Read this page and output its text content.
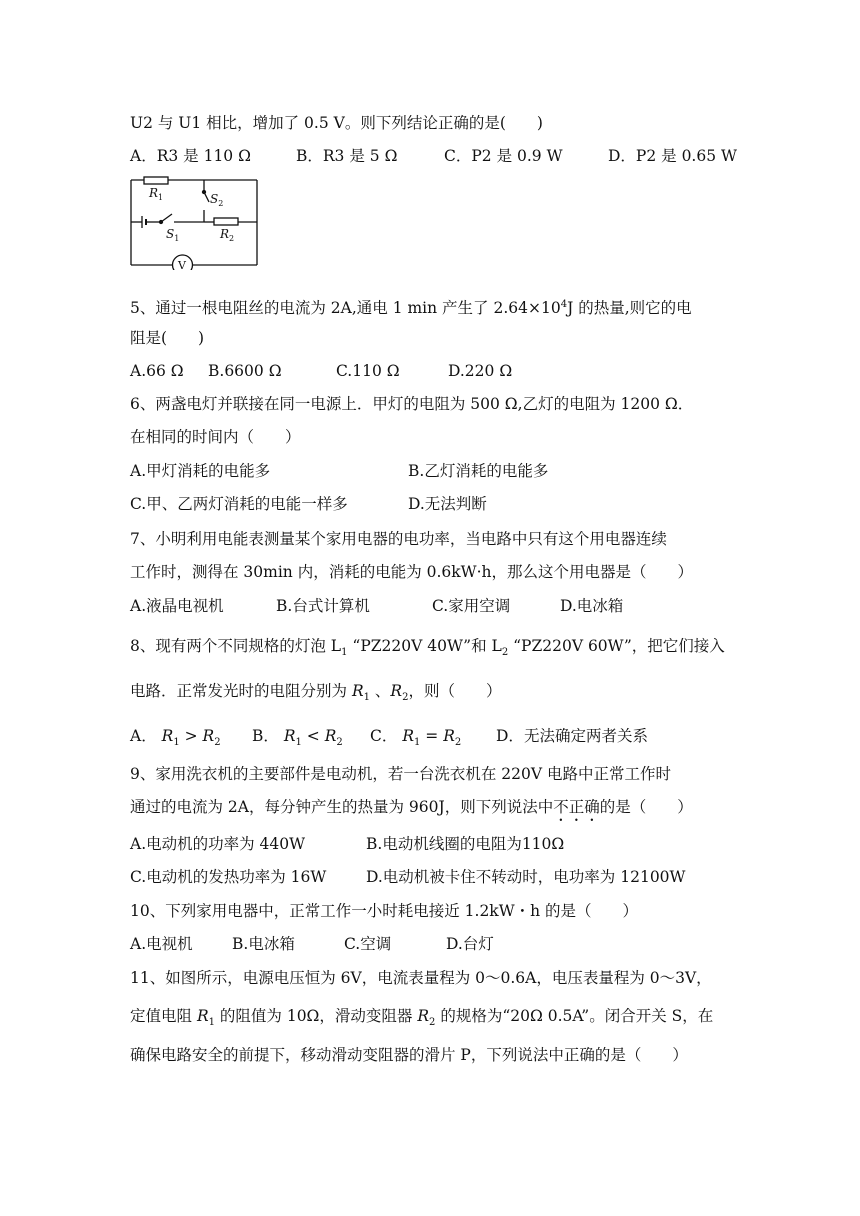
U2 与 U1 相比，增加了 0.5 V。则下列结论正确的是(　　)
A．R3 是 110 Ω	B．R3 是 5 Ω	C．P2 是 0.9 W	D．P2 是 0.65 W
$R_1$	$S_2$
$S_1$	$R_2$
V
5、通过一根电阻丝的电流为 2A,通电 1 min 产生了 $2.64\times 10^4J$ 的热量,则它的电
阻是(　　)
A.66 Ω B.6600 Ω	C.110 Ω	D.220 Ω
6、两盏电灯并联接在同一电源上．甲灯的电阻为 500 Ω,乙灯的电阻为 1200 Ω．
在相同的时间内（　　）
A.甲灯消耗的电能多	B.乙灯消耗的电能多
C.甲、乙两灯消耗的电能一样多	D.无法判断
7、小明利用电能表测量某个家用电器的电功率，当电路中只有这个用电器连续
工作时，测得在 30min 内，消耗的电能为 0.6kW·h，那么这个用电器是（　　）
A.液晶电视机	B.台式计算机	C.家用空调	D.电冰箱
8、现有两个不同规格的灯泡 $L_1$ “PZ220V 40W”和 $L_2$ “PZ220V 60W”，把它们接入
电路．正常发光时的电阻分别为 $R_1$ 、$R_2$，则（　　）
A． $R_1 > R_2$ B． $R_1 < R_2$ C． $R_1 = R_2$ D．无法确定两者关系
9、家用洗衣机的主要部件是电动机，若一台洗衣机在 220V 电路中正常工作时
通过的电流为 2A，每分钟产生的热量为 960J，则下列说法中不正确的是（　　）
A.电动机的功率为 440W	B.电动机线圈的电阻为110Ω
C.电动机的发热功率为 16W	D.电动机被卡住不转动时，电功率为 12100W
10、下列家用电器中，正常工作一小时耗电接近 1.2kW・h 的是（　　）
A.电视机	B.电冰箱	C.空调	D.台灯
11、如图所示，电源电压恒为 6V，电流表量程为 0～0.6A，电压表量程为 0～3V，
定值电阻 $R_1$ 的阻值为 10Ω，滑动变阻器 $R_2$ 的规格为“20Ω 0.5A”。闭合开关 S，在
确保电路安全的前提下，移动滑动变阻器的滑片 P，下列说法中正确的是（　　）
